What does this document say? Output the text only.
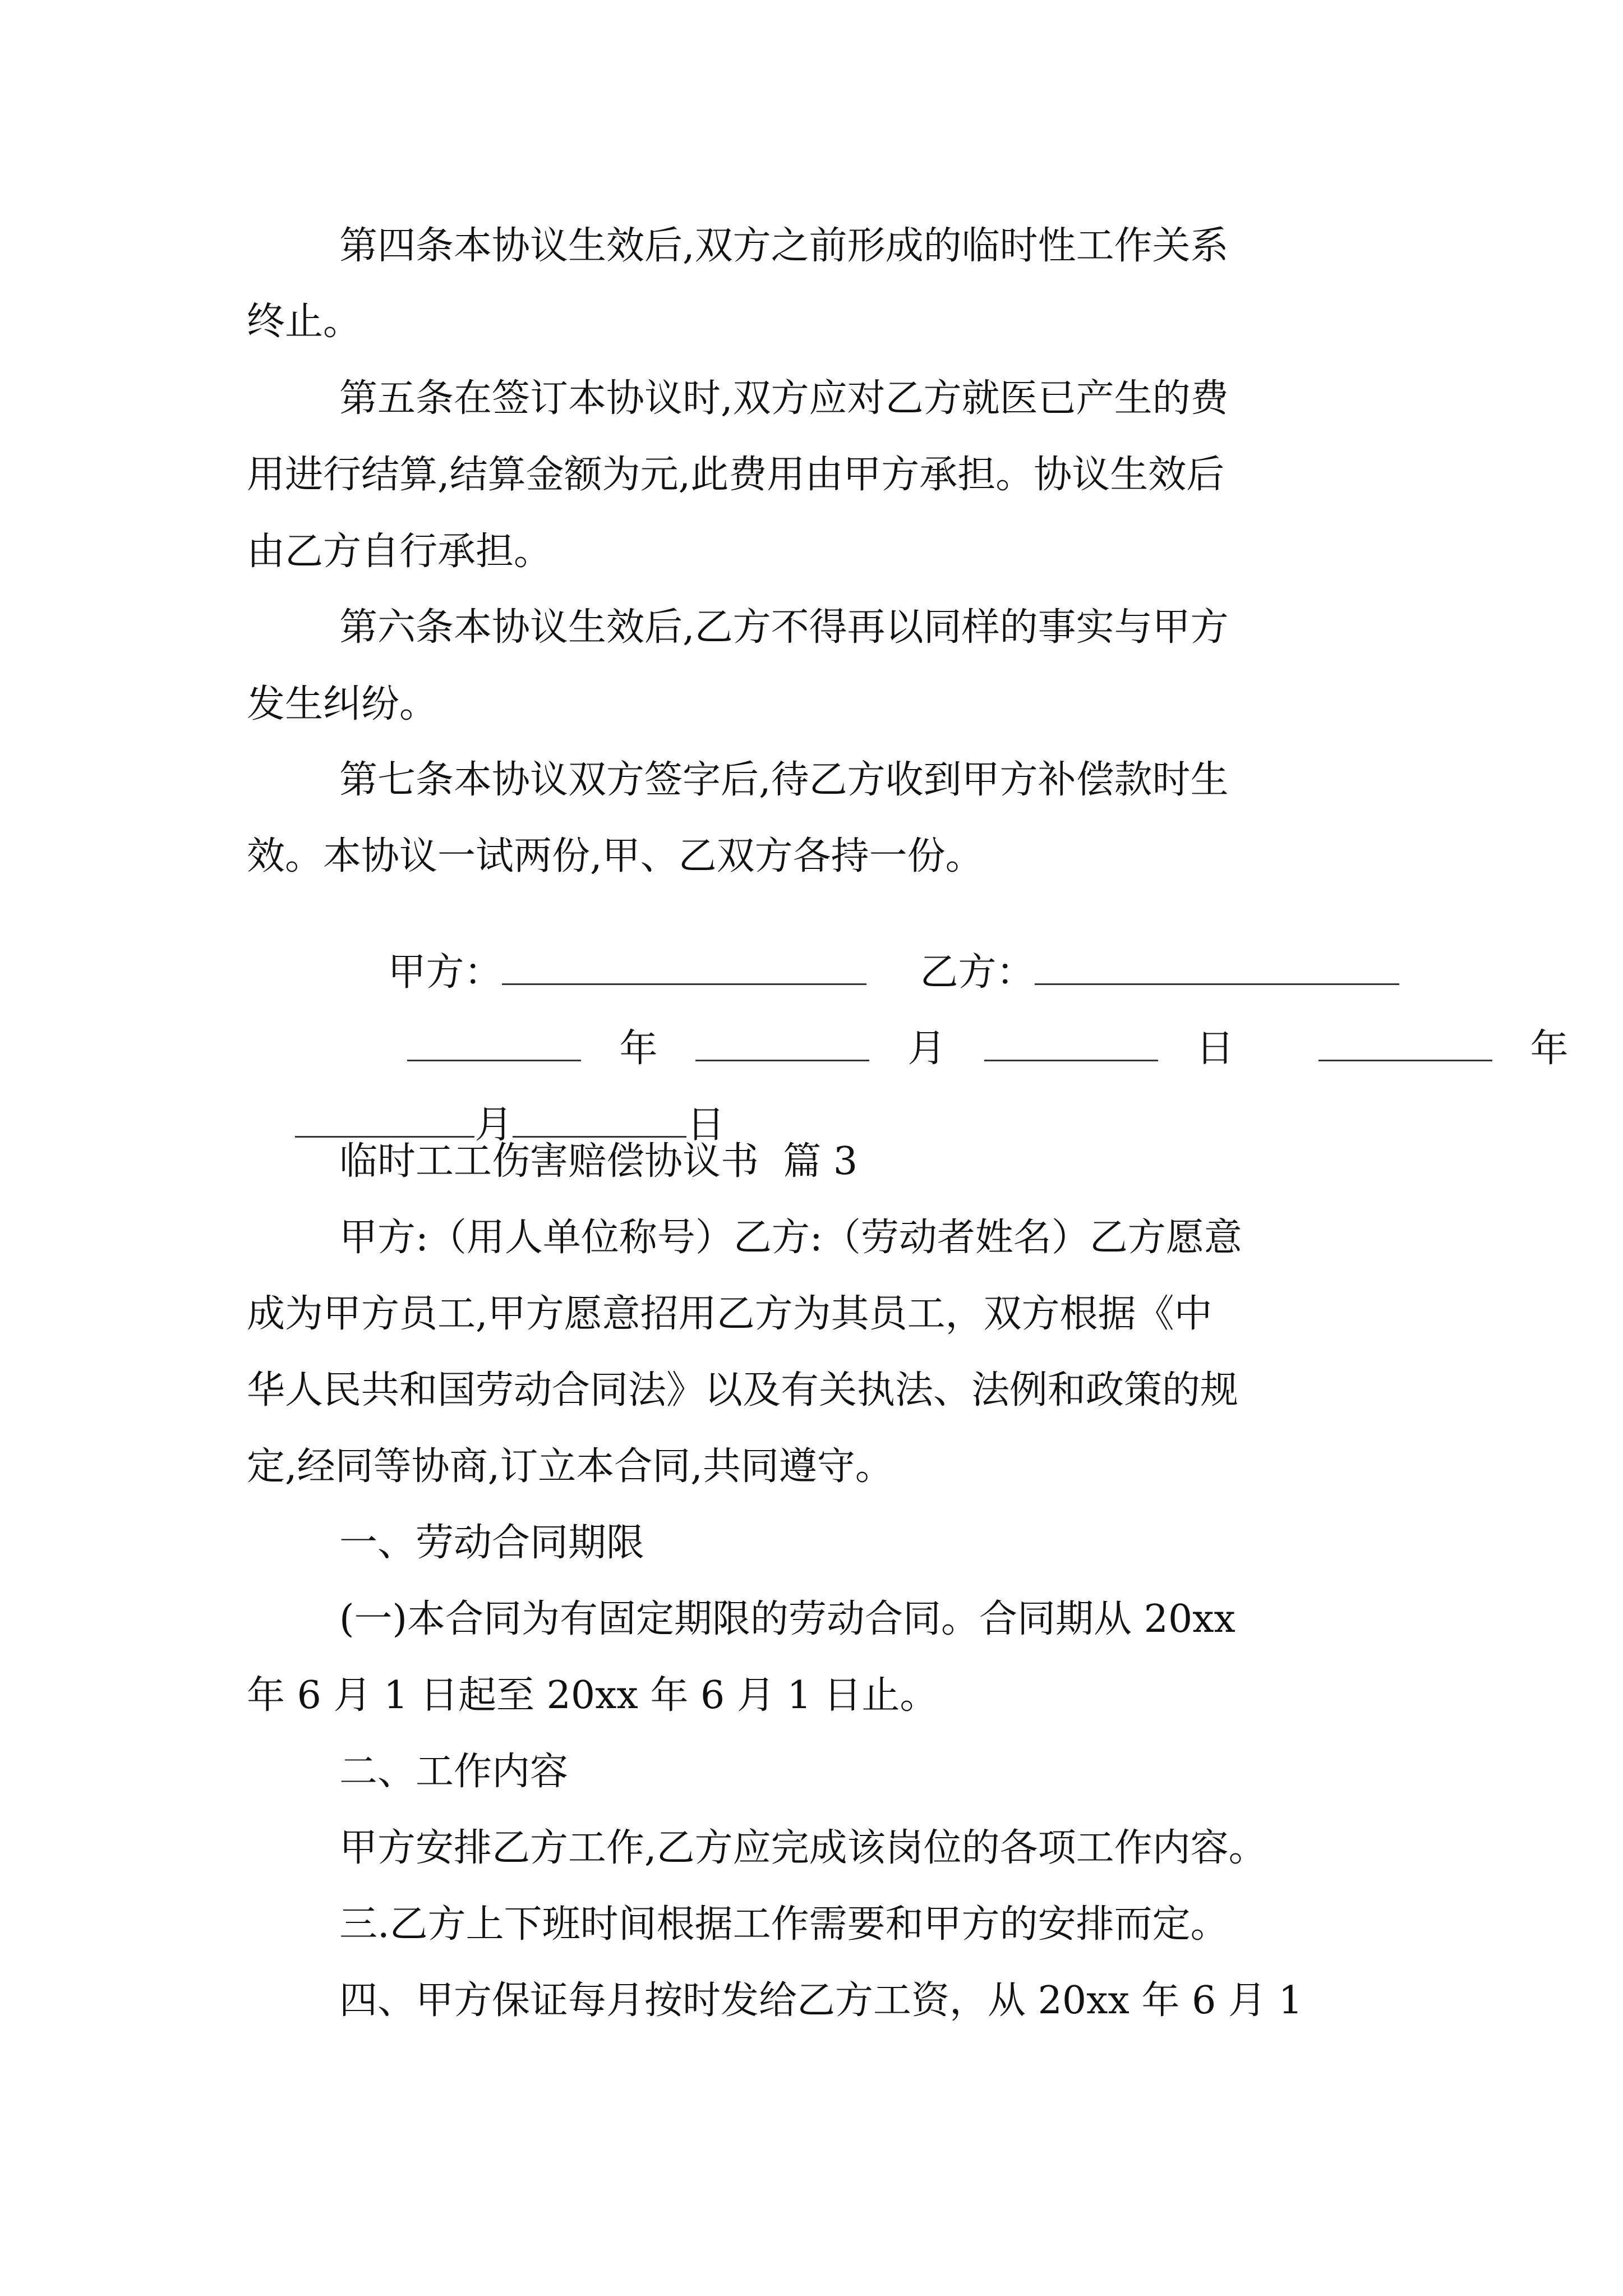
第四条本协议生效后,双方之前形成的临时性工作关系
终止。
第五条在签订本协议时,双方应对乙方就医已产生的费
用进行结算,结算金额为元,此费用由甲方承担。协议生效后
由乙方自行承担。
第六条本协议生效后,乙方不得再以同样的事实与甲方
发生纠纷。
第七条本协议双方签字后,待乙方收到甲方补偿款时生
效。本协议一试两份,甲、乙双方各持一份。

甲方：	乙方：

 年  	月  	日 	年

月	日

临时工工伤害赔偿协议书  篇 3
甲方:（用人单位称号）乙方:（劳动者姓名）乙方愿意
成为甲方员工,甲方愿意招用乙方为其员工，双方根据《中
华人民共和国劳动合同法》以及有关执法、法例和政策的规
定,经同等协商,订立本合同,共同遵守。
一、劳动合同期限
(一)本合同为有固定期限的劳动合同。合同期从 20xx
年 6 月 1 日起至 20xx 年 6 月 1 日止。
二、工作内容
甲方安排乙方工作,乙方应完成该岗位的各项工作内容。
三.乙方上下班时间根据工作需要和甲方的安排而定。
四、甲方保证每月按时发给乙方工资，从 20xx 年 6 月 1
